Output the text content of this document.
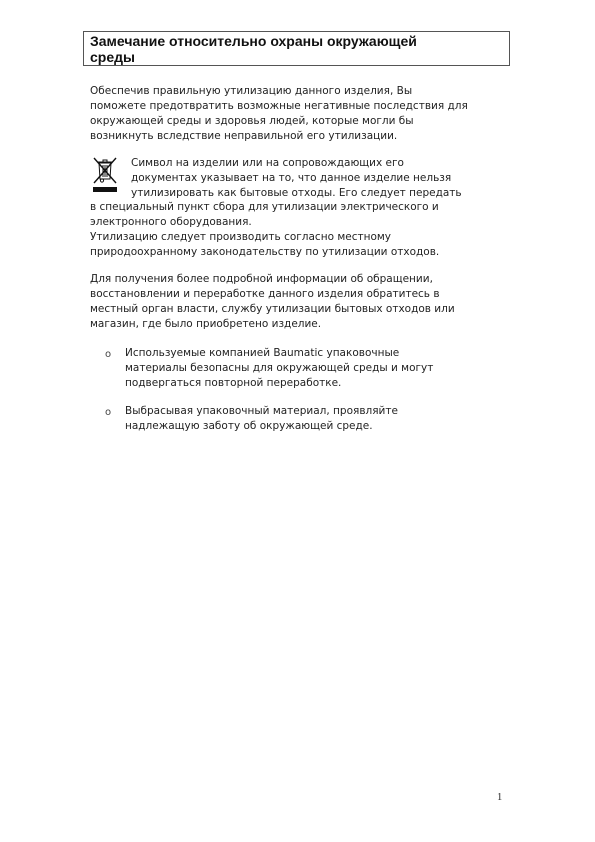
Замечание относительно охраны окружающей
среды

Обеспечив правильную утилизацию данного изделия, Вы
поможете предотвратить возможные негативные последствия для
окружающей среды и здоровья людей, которые могли бы
возникнуть вследствие неправильной его утилизации.

Символ на изделии или на сопровождающих его
документах указывает на то, что данное изделие нельзя
утилизировать как бытовые отходы. Его следует передать

в специальный пункт сбора для утилизации электрического и
электронного оборудования.
Утилизацию следует производить согласно местному
природоохранному законодательству по утилизации отходов.

Для получения более подробной информации об обращении,
восстановлении и переработке данного изделия обратитесь в
местный орган власти, службу утилизации бытовых отходов или
магазин, где было приобретено изделие.

o Используемые компанией Baumatic упаковочные
материалы безопасны для окружающей среды и могут
подвергаться повторной переработке.
o Выбрасывая упаковочный материал, проявляйте
надлежащую заботу об окружающей среде.
1
